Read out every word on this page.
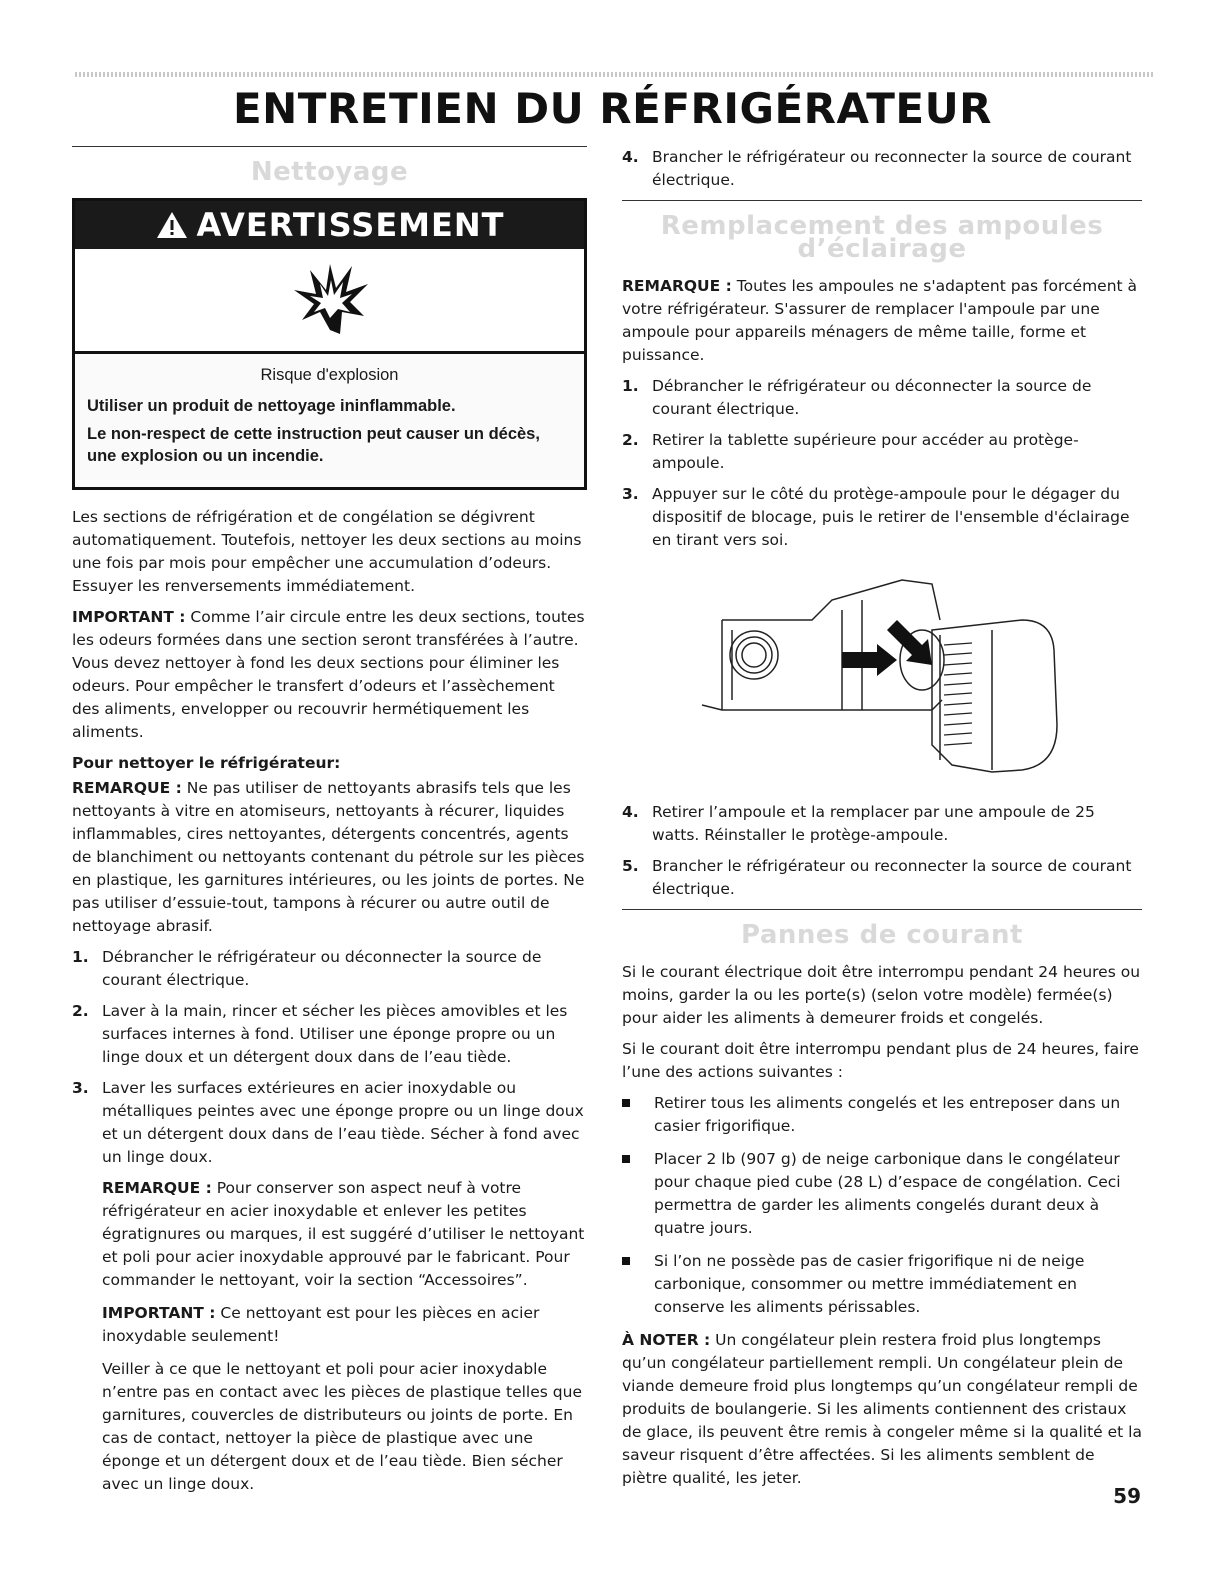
ENTRETIEN DU RÉFRIGÉRATEUR
Nettoyage
AVERTISSEMENT

Risque d'explosion

Utiliser un produit de nettoyage ininflammable.

Le non-respect de cette instruction peut causer un décès, une explosion ou un incendie.

Les sections de réfrigération et de congélation se dégivrent automatiquement. Toutefois, nettoyer les deux sections au moins une fois par mois pour empêcher une accumulation d’odeurs. Essuyer les renversements immédiatement.

IMPORTANT : Comme l’air circule entre les deux sections, toutes les odeurs formées dans une section seront transférées à l’autre. Vous devez nettoyer à fond les deux sections pour éliminer les odeurs. Pour empêcher le transfert d’odeurs et l’assèchement des aliments, envelopper ou recouvrir hermétiquement les aliments.

Pour nettoyer le réfrigérateur:

REMARQUE : Ne pas utiliser de nettoyants abrasifs tels que les nettoyants à vitre en atomiseurs, nettoyants à récurer, liquides inflammables, cires nettoyantes, détergents concentrés, agents de blanchiment ou nettoyants contenant du pétrole sur les pièces en plastique, les garnitures intérieures, ou les joints de portes. Ne pas utiliser d’essuie-tout, tampons à récurer ou autre outil de nettoyage abrasif.

1. Débrancher le réfrigérateur ou déconnecter la source de courant électrique.
2. Laver à la main, rincer et sécher les pièces amovibles et les surfaces internes à fond. Utiliser une éponge propre ou un linge doux et un détergent doux dans de l’eau tiède.
3. Laver les surfaces extérieures en acier inoxydable ou métalliques peintes avec une éponge propre ou un linge doux et un détergent doux dans de l’eau tiède. Sécher à fond avec un linge doux.

REMARQUE : Pour conserver son aspect neuf à votre réfrigérateur en acier inoxydable et enlever les petites égratignures ou marques, il est suggéré d’utiliser le nettoyant et poli pour acier inoxydable approuvé par le fabricant. Pour commander le nettoyant, voir la section “Accessoires”.

IMPORTANT : Ce nettoyant est pour les pièces en acier inoxydable seulement!

Veiller à ce que le nettoyant et poli pour acier inoxydable n’entre pas en contact avec les pièces de plastique telles que garnitures, couvercles de distributeurs ou joints de porte. En cas de contact, nettoyer la pièce de plastique avec une éponge et un détergent doux et de l’eau tiède. Bien sécher avec un linge doux.

4. Brancher le réfrigérateur ou reconnecter la source de courant électrique.
Remplacement des ampoules d’éclairage

REMARQUE : Toutes les ampoules ne s'adaptent pas forcément à votre réfrigérateur. S'assurer de remplacer l'ampoule par une ampoule pour appareils ménagers de même taille, forme et puissance.

1. Débrancher le réfrigérateur ou déconnecter la source de courant électrique.
2. Retirer la tablette supérieure pour accéder au protège-ampoule.
3. Appuyer sur le côté du protège-ampoule pour le dégager du dispositif de blocage, puis le retirer de l'ensemble d'éclairage en tirant vers soi.
4. Retirer l’ampoule et la remplacer par une ampoule de 25 watts. Réinstaller le protège-ampoule.
5. Brancher le réfrigérateur ou reconnecter la source de courant électrique.
Pannes de courant

Si le courant électrique doit être interrompu pendant 24 heures ou moins, garder la ou les porte(s) (selon votre modèle) fermée(s) pour aider les aliments à demeurer froids et congelés.

Si le courant doit être interrompu pendant plus de 24 heures, faire l’une des actions suivantes :

Retirer tous les aliments congelés et les entreposer dans un casier frigorifique.
Placer 2 lb (907 g) de neige carbonique dans le congélateur pour chaque pied cube (28 L) d’espace de congélation. Ceci permettra de garder les aliments congelés durant deux à quatre jours.
Si l’on ne possède pas de casier frigorifique ni de neige carbonique, consommer ou mettre immédiatement en conserve les aliments périssables.

À NOTER : Un congélateur plein restera froid plus longtemps qu’un congélateur partiellement rempli. Un congélateur plein de viande demeure froid plus longtemps qu’un congélateur rempli de produits de boulangerie. Si les aliments contiennent des cristaux de glace, ils peuvent être remis à congeler même si la qualité et la saveur risquent d’être affectées. Si les aliments semblent de piètre qualité, les jeter.

59
